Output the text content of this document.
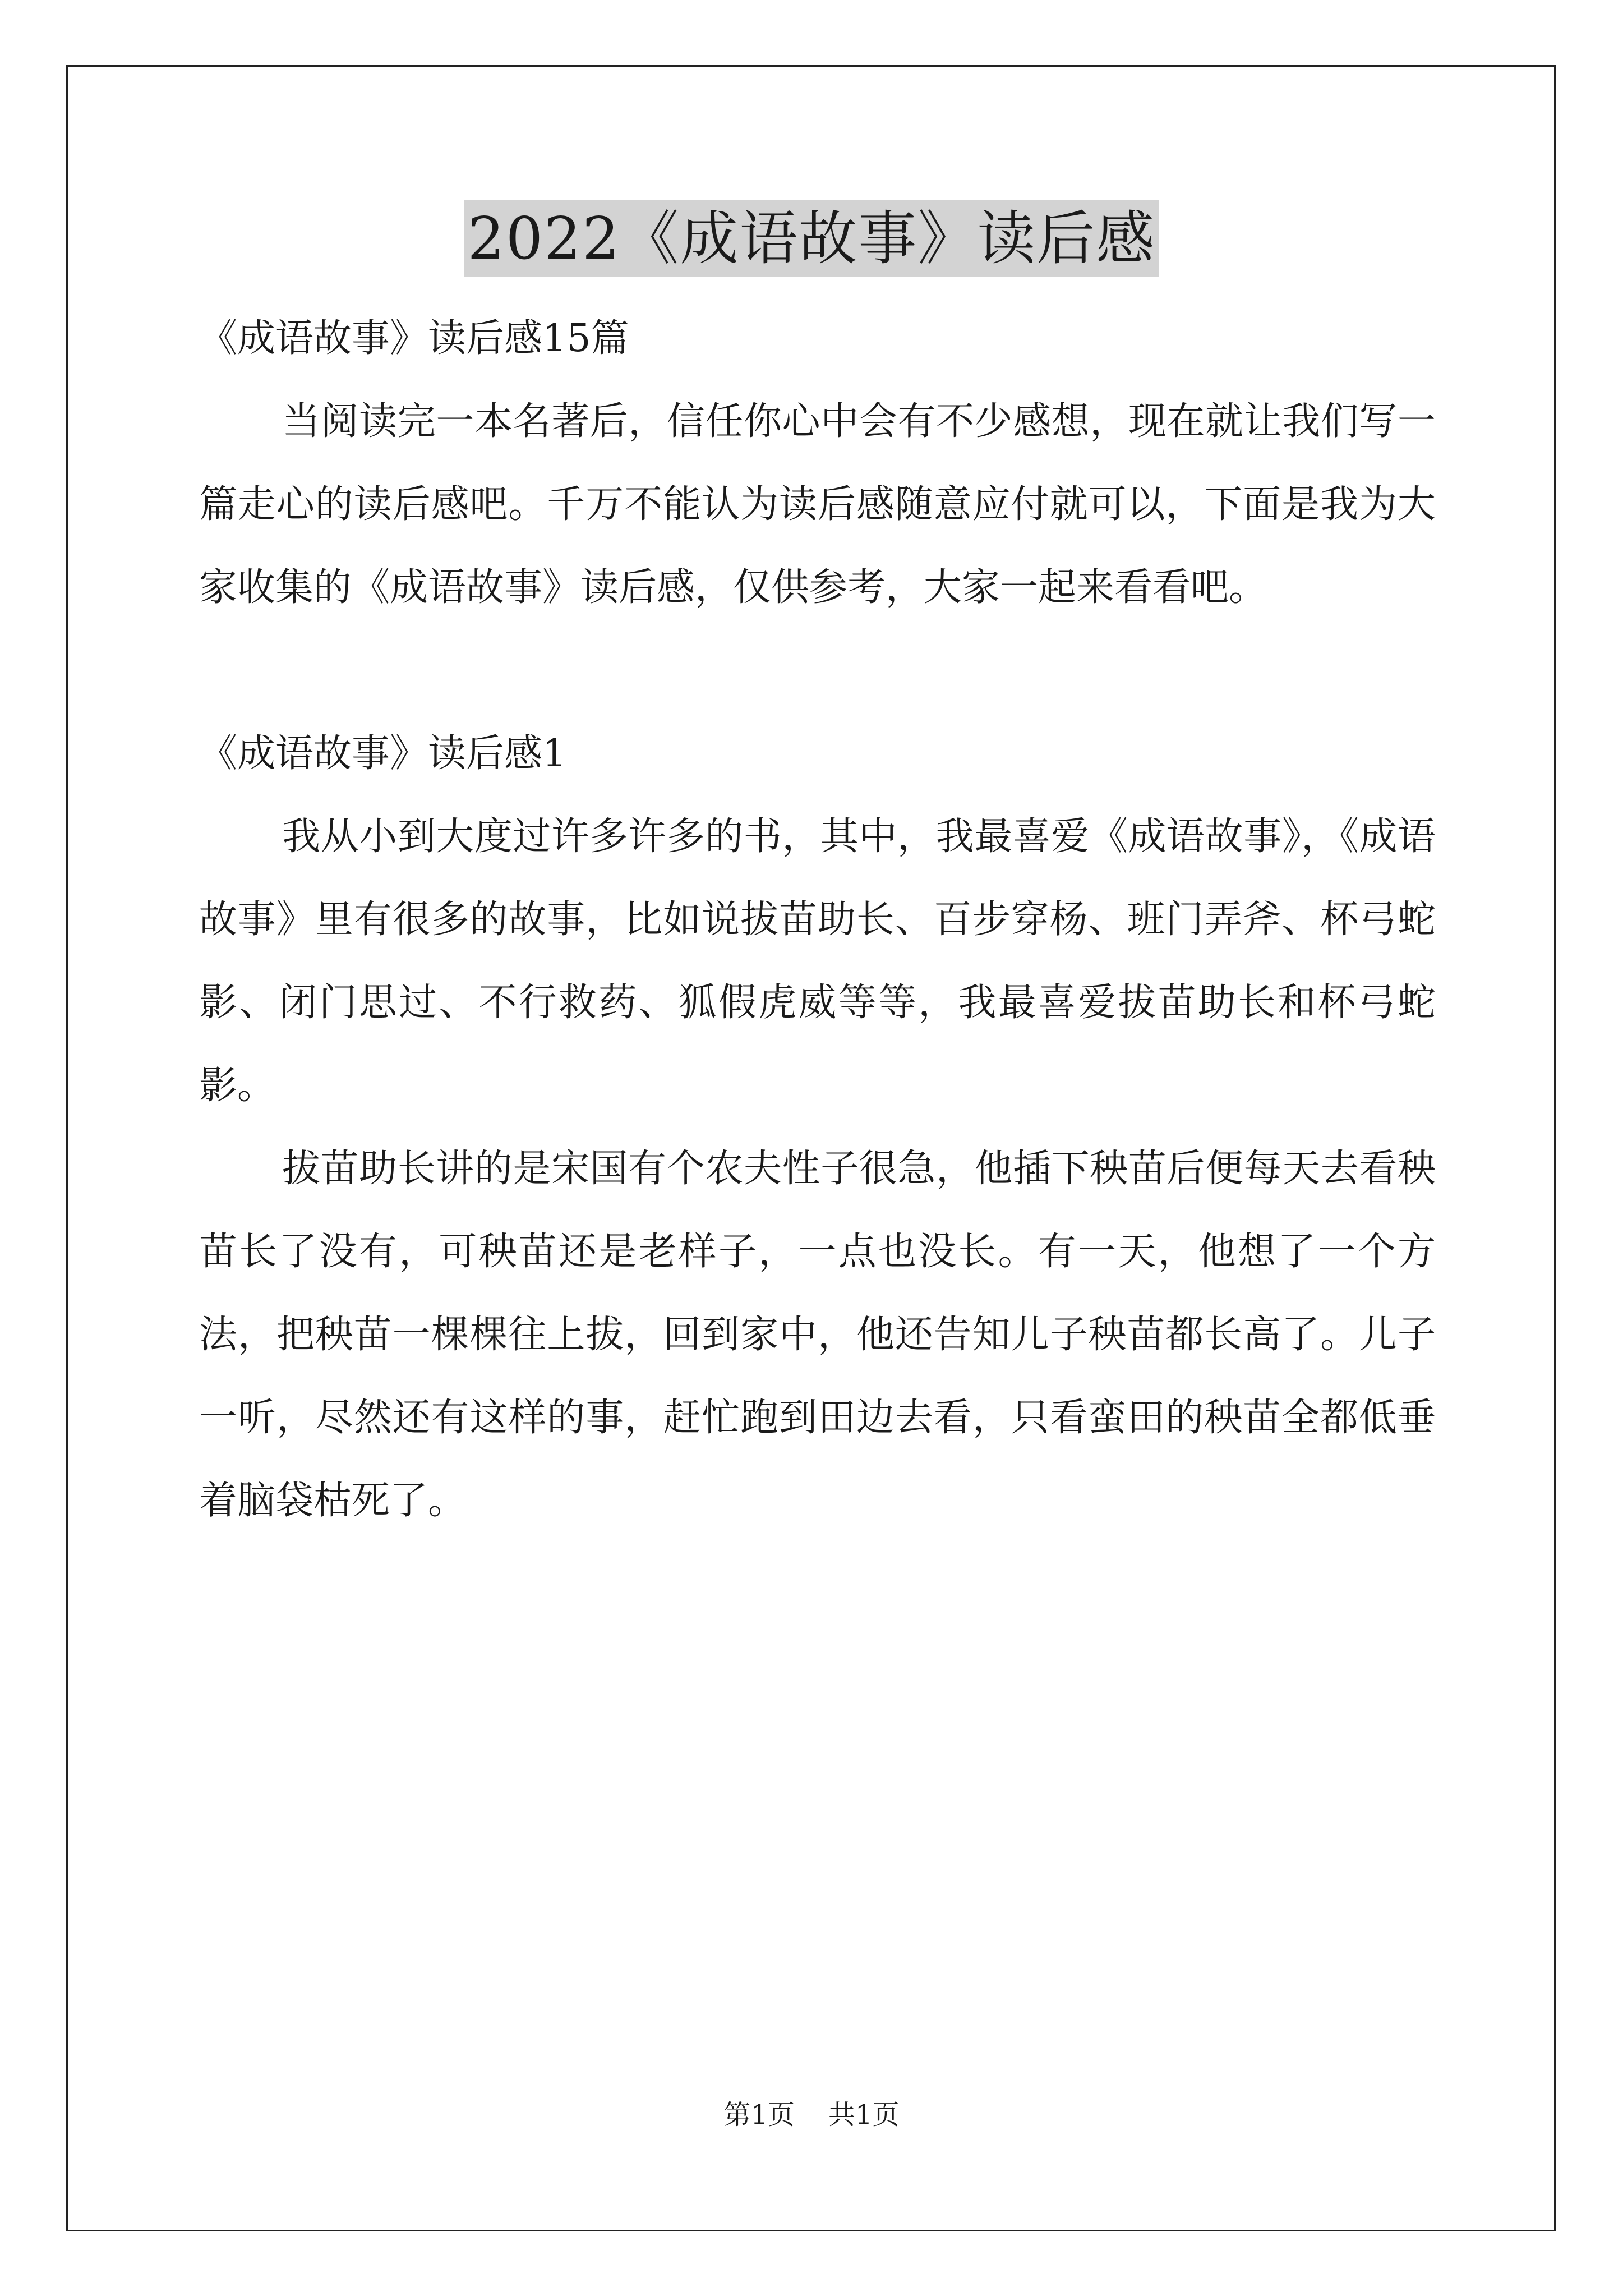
2022《成语故事》读后感

《成语故事》读后感15篇

当阅读完一本名著后，信任你心中会有不少感想，现在就让我们写一篇走心的读后感吧。千万不能认为读后感随意应付就可以，下面是我为大家收集的《成语故事》读后感，仅供参考，大家一起来看看吧。

《成语故事》读后感1

我从小到大度过许多许多的书，其中，我最喜爱《成语故事》，《成语故事》里有很多的故事，比如说拔苗助长、百步穿杨、班门弄斧、杯弓蛇影、闭门思过、不行救药、狐假虎威等等，我最喜爱拔苗助长和杯弓蛇影。

拔苗助长讲的是宋国有个农夫性子很急，他插下秧苗后便每天去看秧苗长了没有，可秧苗还是老样子，一点也没长。有一天，他想了一个方法，把秧苗一棵棵往上拔，回到家中，他还告知儿子秧苗都长高了。儿子一听，尽然还有这样的事，赶忙跑到田边去看，只看蛮田的秧苗全都低垂着脑袋枯死了。

第1页 共1页
